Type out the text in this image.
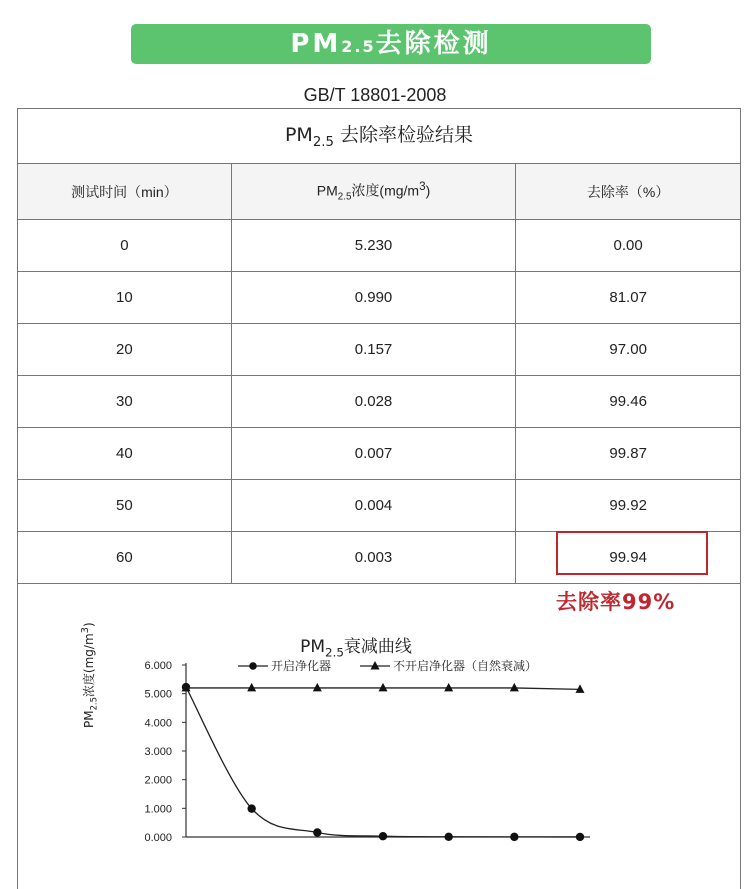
PM2.5去除检测
GB/T 18801-2008
$PM_{2.5}$ 去除率检验结果
测试时间（min）	$PM_{2.5}$浓度$(mg/m^3)$	去除率（%）
0	5.230	0.00
10	0.990	81.07
20	0.157	97.00
30	0.028	99.46
40	0.007	99.87
50	0.004	99.92
60	0.003	99.94
去除率99%
$PM_{2.5}$衰减曲线
$PM_{2.5}$浓度$(mg/m^3)$
0.000
1.000
2.000
3.000
4.000
5.000
6.000	开启净化器	不开启净化器（自然衰减）
